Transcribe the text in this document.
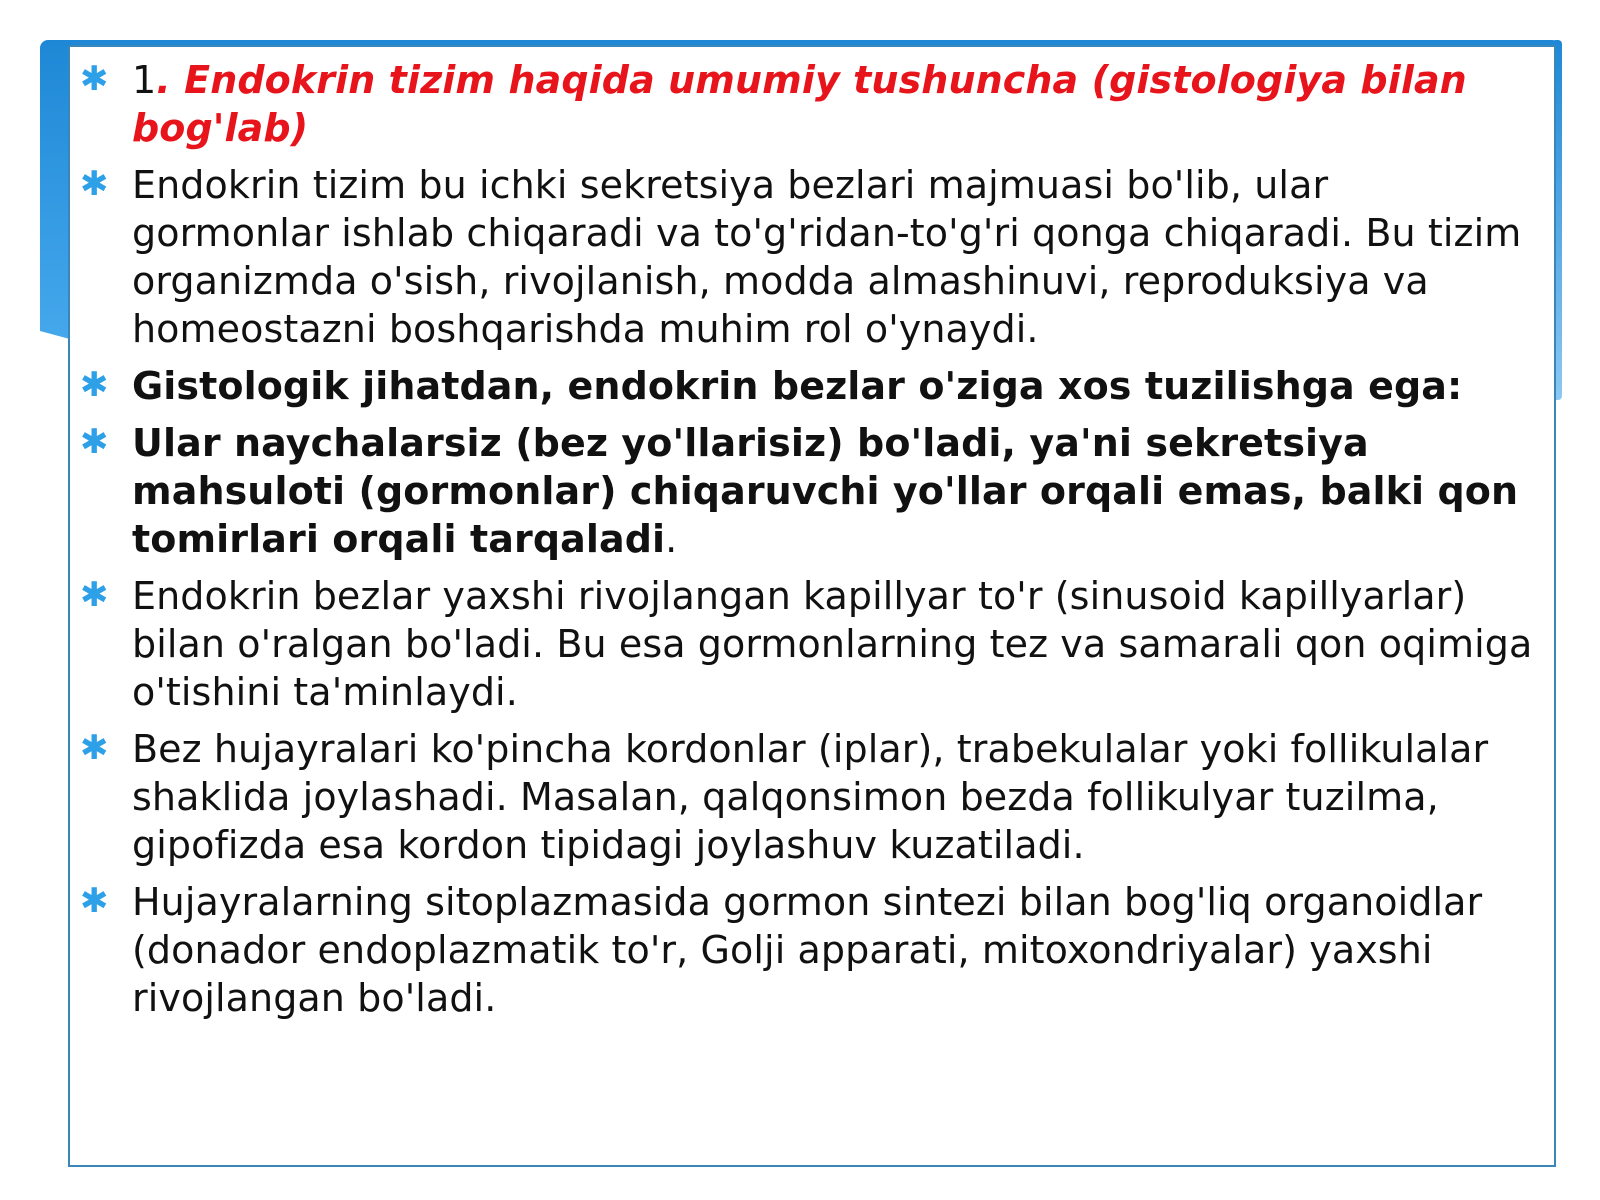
✱ 1. Endokrin tizim haqida umumiy tushuncha (gistologiya bilan bog'lab)
✱ Endokrin tizim bu ichki sekretsiya bezlari majmuasi bo'lib, ular gormonlar ishlab chiqaradi va to'g'ridan-to'g'ri qonga chiqaradi. Bu tizim organizmda o'sish, rivojlanish, modda almashinuvi, reproduksiya va homeostazni boshqarishda muhim rol o'ynaydi.
✱ Gistologik jihatdan, endokrin bezlar o'ziga xos tuzilishga ega:
✱ Ular naychalarsiz (bez yo'llarisiz) bo'ladi, ya'ni sekretsiya mahsuloti (gormonlar) chiqaruvchi yo'llar orqali emas, balki qon tomirlari orqali tarqaladi.
✱ Endokrin bezlar yaxshi rivojlangan kapillyar to'r (sinusoid kapillyarlar) bilan o'ralgan bo'ladi. Bu esa gormonlarning tez va samarali qon oqimiga o'tishini ta'minlaydi.
✱ Bez hujayralari ko'pincha kordonlar (iplar), trabekulalar yoki follikulalar shaklida joylashadi. Masalan, qalqonsimon bezda follikulyar tuzilma, gipofizda esa kordon tipidagi joylashuv kuzatiladi.
✱ Hujayralarning sitoplazmasida gormon sintezi bilan bog'liq organoidlar (donador endoplazmatik to'r, Golji apparati, mitoxondriyalar) yaxshi rivojlangan bo'ladi.
